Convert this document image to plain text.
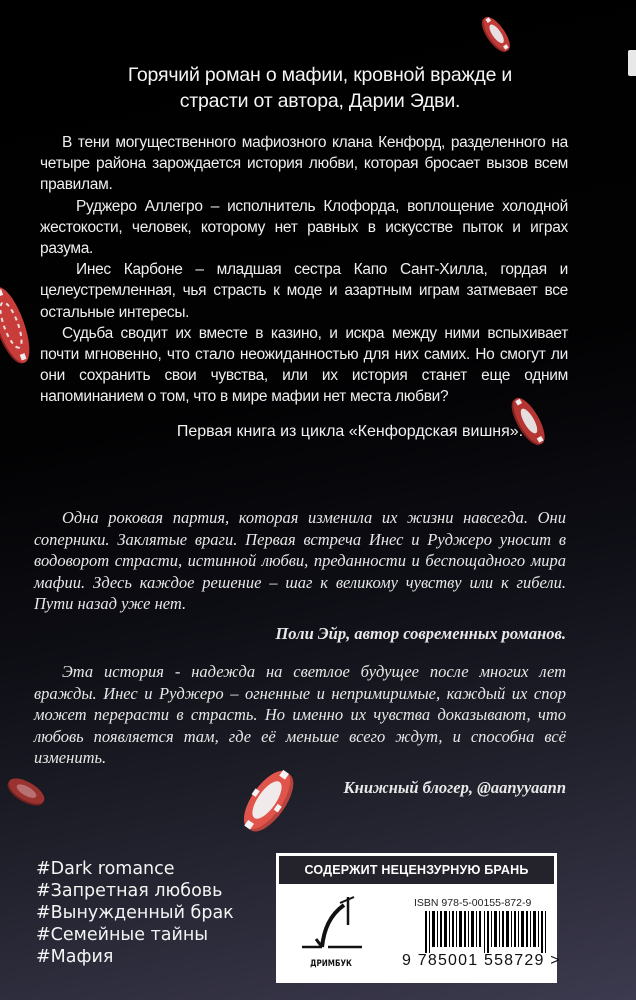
Горячий роман о мафии, кровной вражде и
страсти от автора, Дарии Эдви.

В тени могущественного мафиозного клана Кенфорд, разделенного на четыре района зарождается история любви, которая бросает вызов всем правилам.

Руджеро Аллегро – исполнитель Клофорда, воплощение холодной жестокости, человек, которому нет равных в искусстве пыток и играх разума.

Инес Карбоне – младшая сестра Капо Сант-Хилла, гордая и целеустремленная, чья страсть к моде и азартным играм затмевает все остальные интересы.

Судьба сводит их вместе в казино, и искра между ними вспыхивает почти мгновенно, что стало неожиданностью для них самих. Но смогут ли они сохранить свои чувства, или их история станет еще одним напоминанием о том, что в мире мафии нет места любви?

Первая книга из цикла «Кенфордская вишня».

Одна роковая партия, которая изменила их жизни навсегда. Они соперники. Заклятые враги. Первая встреча Инес и Руджеро уносит в водоворот страсти, истинной любви, преданности и беспощадного мира мафии. Здесь каждое решение – шаг к великому чувству или к гибели. Пути назад уже нет.

Поли Эйр, автор современных романов.

Эта история - надежда на светлое будущее после многих лет вражды. Инес и Руджеро – огненные и непримиримые, каждый их спор может перерасти в страсть. Но именно их чувства доказывают, что любовь появляется там, где её меньше всего ждут, и способна всё изменить.

Книжный блогер, @aanyyaann

#Dark romance
#Запретная любовь
#Вынужденный брак
#Семейные тайны
#Мафия
СОДЕРЖИТ НЕЦЕНЗУРНУЮ БРАНЬ
ДРИМБУК
ISBN 978-5-00155-872-9
9 785001 558729 >
